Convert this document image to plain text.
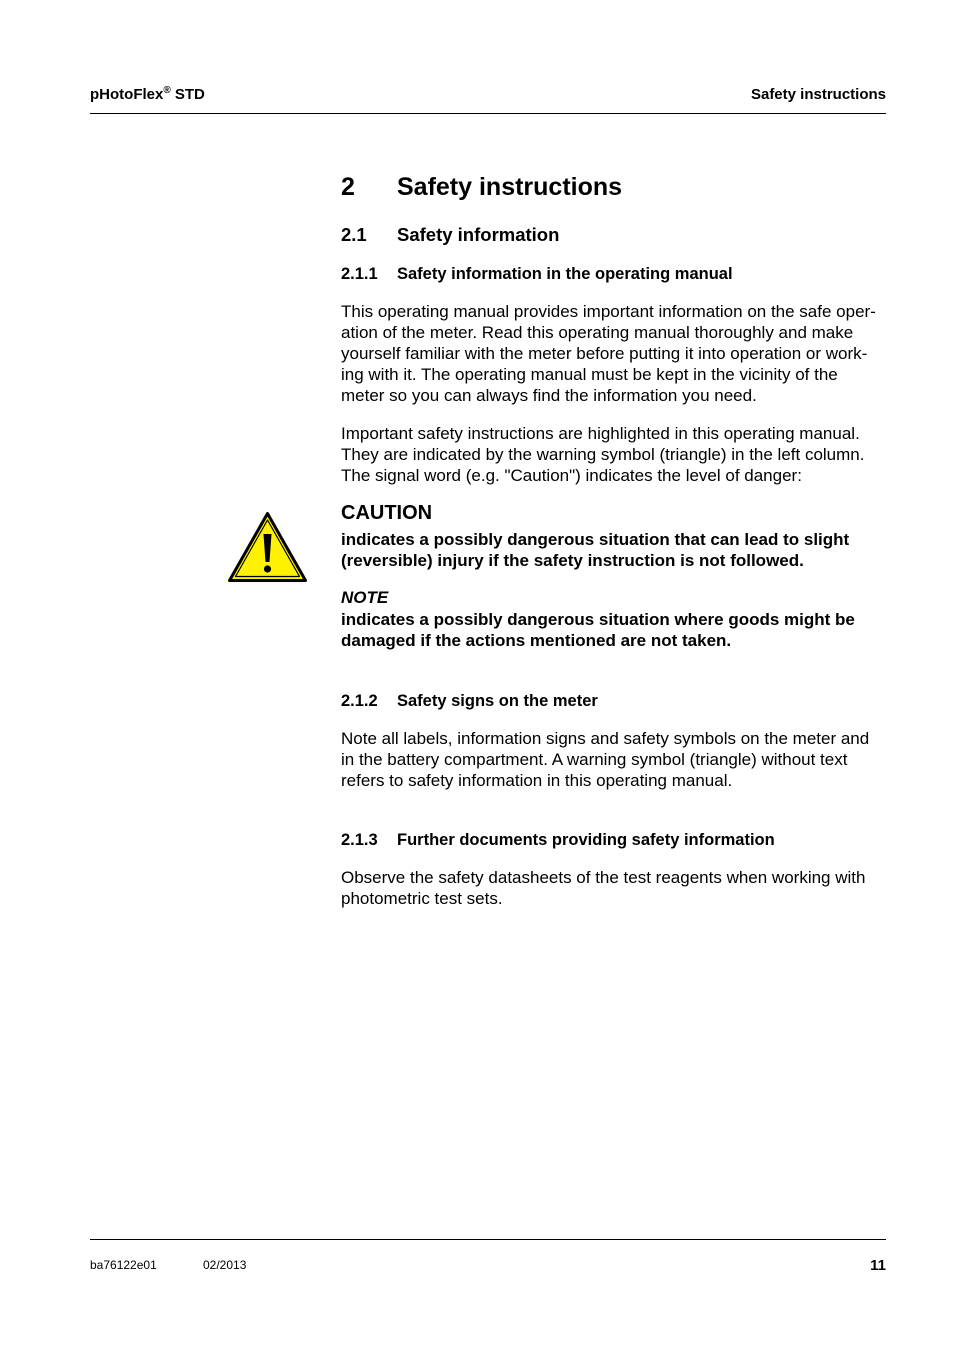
pHotoFlex® STD	Safety instructions
2 Safety instructions
2.1 Safety information
2.1.1 Safety information in the operating manual
This operating manual provides important information on the safe oper-
ation of the meter. Read this operating manual thoroughly and make
yourself familiar with the meter before putting it into operation or work-
ing with it. The operating manual must be kept in the vicinity of the
meter so you can always find the information you need.
Important safety instructions are highlighted in this operating manual.
They are indicated by the warning symbol (triangle) in the left column.
The signal word (e.g. "Caution") indicates the level of danger:
CAUTION
indicates a possibly dangerous situation that can lead to slight
(reversible) injury if the safety instruction is not followed.
NOTE
indicates a possibly dangerous situation where goods might be
damaged if the actions mentioned are not taken.
2.1.2 Safety signs on the meter
Note all labels, information signs and safety symbols on the meter and
in the battery compartment. A warning symbol (triangle) without text
refers to safety information in this operating manual.
2.1.3 Further documents providing safety information
Observe the safety datasheets of the test reagents when working with
photometric test sets.
ba76122e01	02/2013	11
